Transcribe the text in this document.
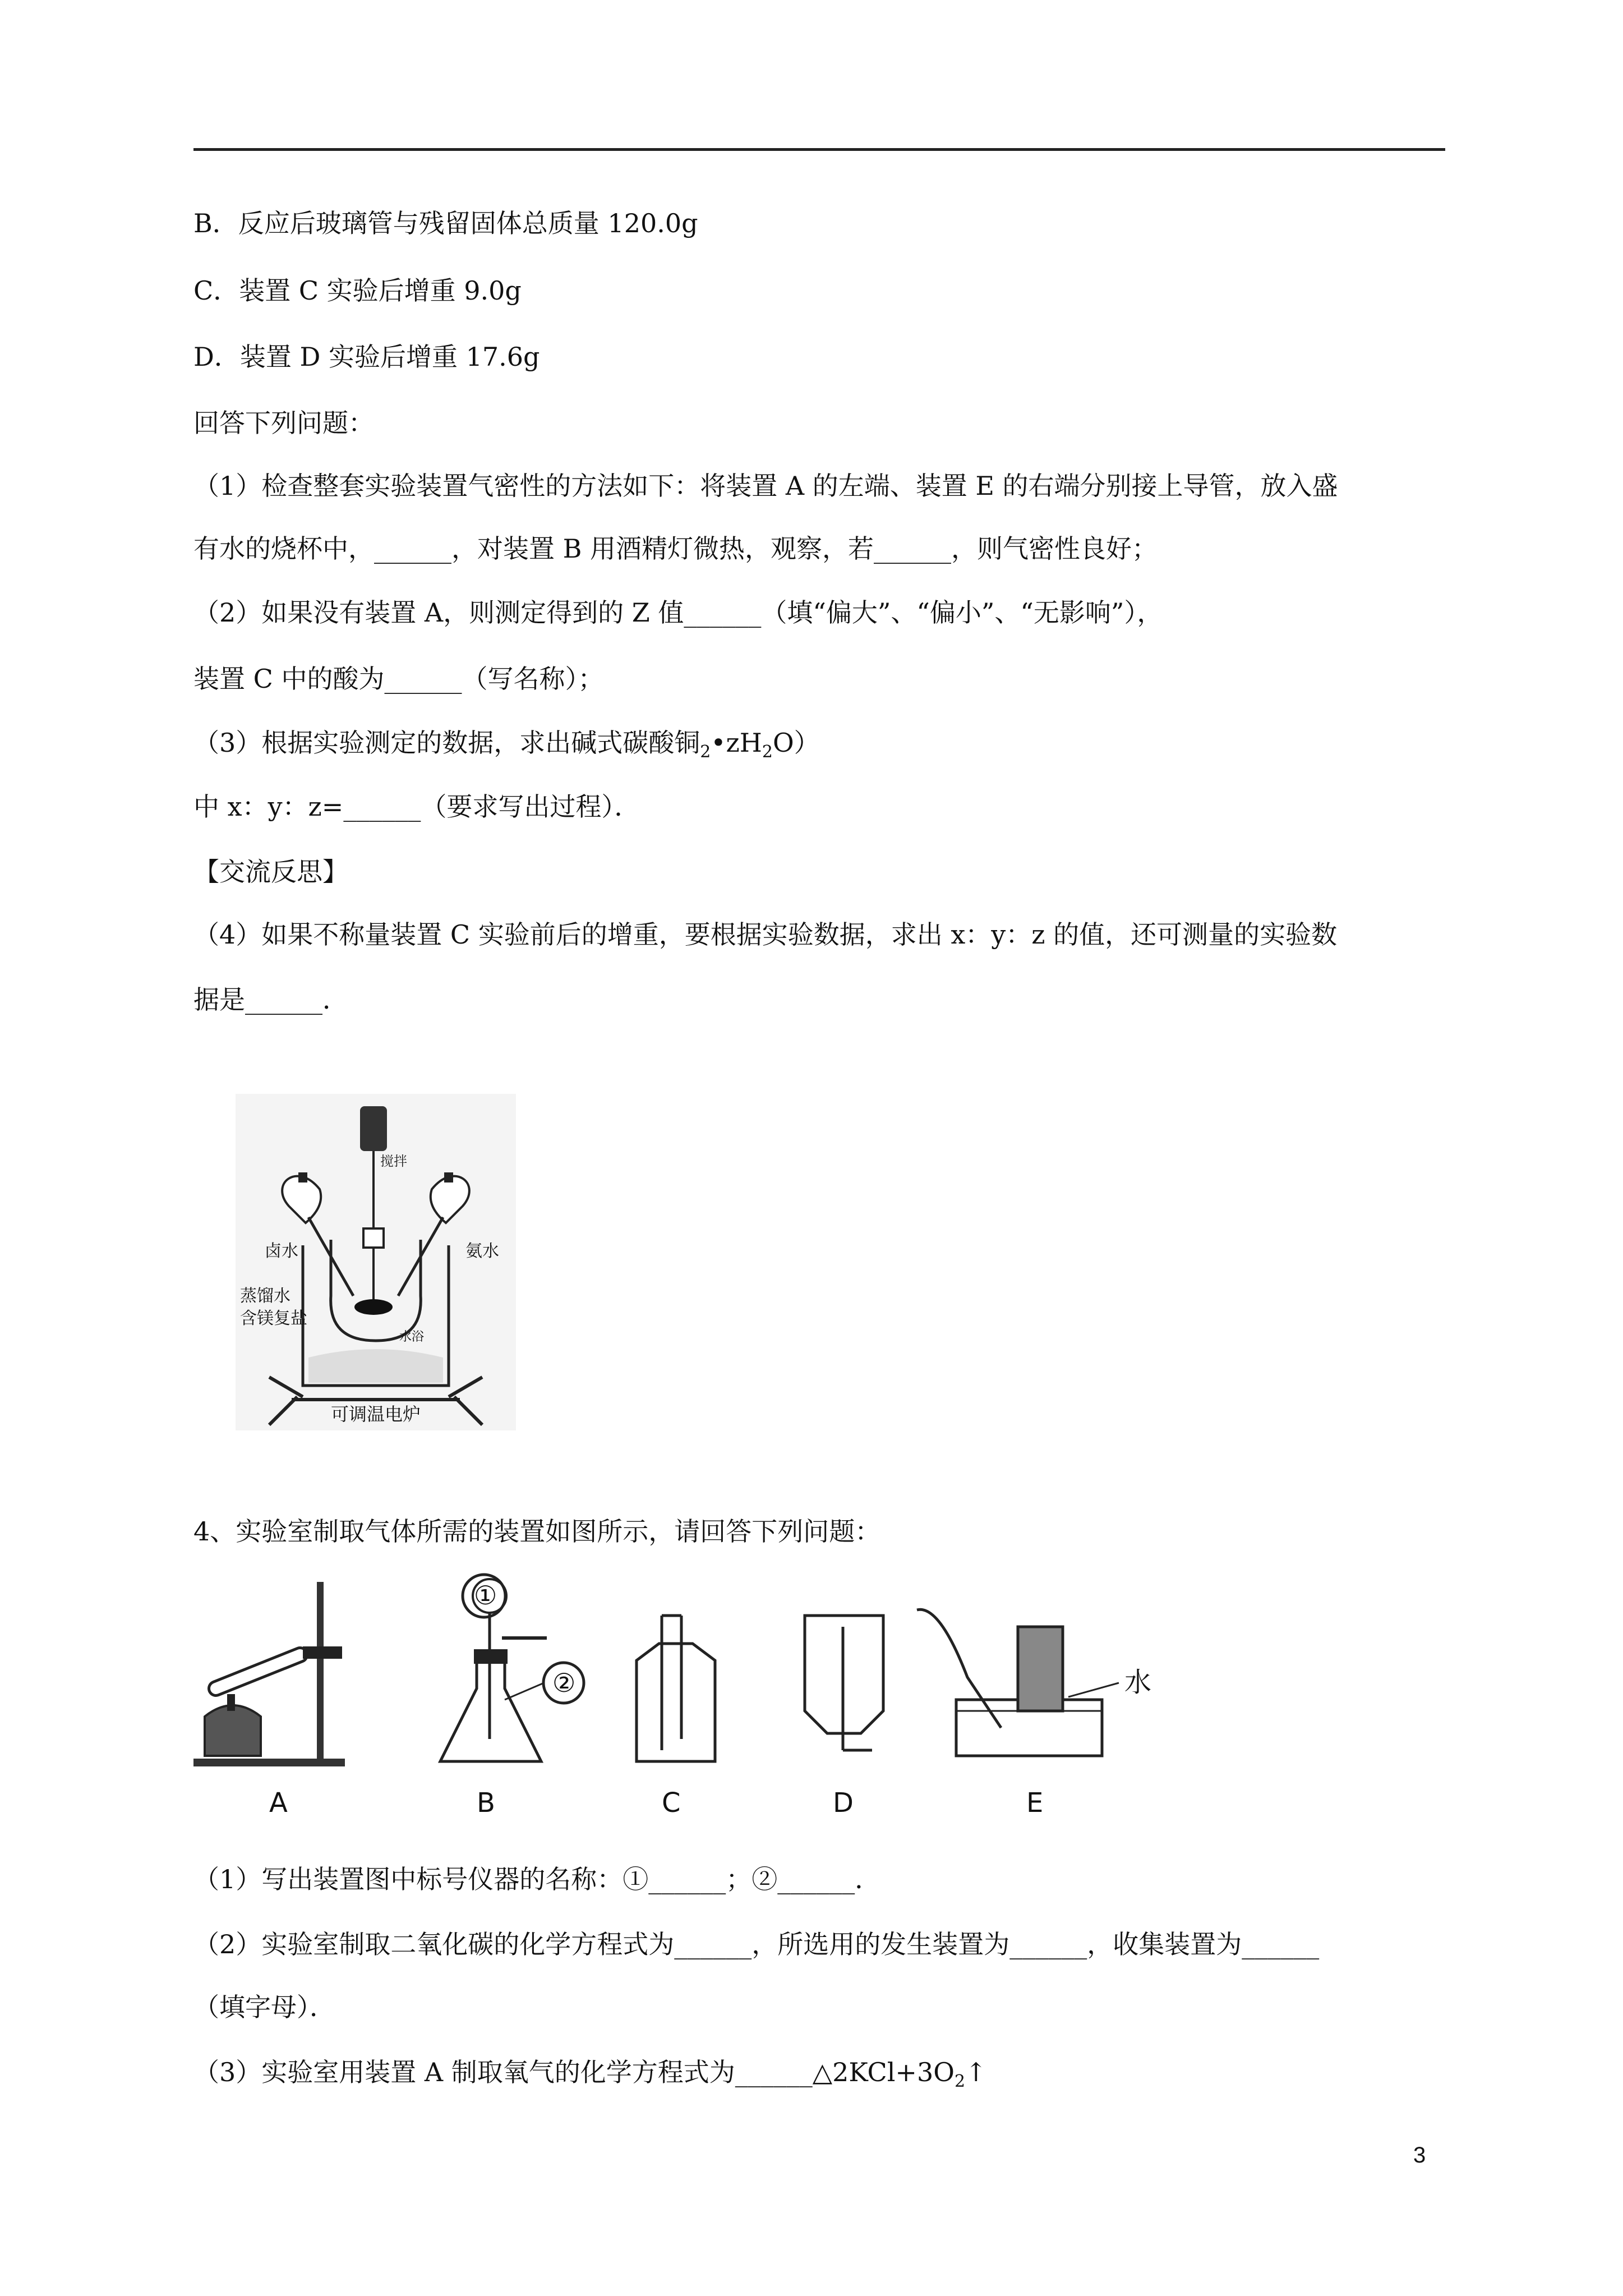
B．反应后玻璃管与残留固体总质量 120.0g
C．装置 C 实验后增重 9.0g
D．装置 D 实验后增重 17.6g
回答下列问题：
（1）检查整套实验装置气密性的方法如下：将装置 A 的左端、装置 E 的右端分别接上导管，放入盛
有水的烧杯中，______，对装置 B 用酒精灯微热，观察，若______，则气密性良好；
（2）如果没有装置 A，则测定得到的 Z 值______（填“偏大”、“偏小”、“无影响”），
装置 C 中的酸为______（写名称）；
（3）根据实验测定的数据，求出碱式碳酸铜$_2•zH_2O$）
中 x：y：z=______（要求写出过程）．
【交流反思】
（4）如果不称量装置 C 实验前后的增重，要根据实验数据，求出 x：y：z 的值，还可测量的实验数
据是______．
搅拌
卤水	氨水
蒸馏水
含镁复盐
水浴
可调温电炉
4、实验室制取气体所需的装置如图所示，请回答下列问题：
①
②	水
A	B	C	D	E
（1）写出装置图中标号仪器的名称：①______；②______．
（2）实验室制取二氧化碳的化学方程式为______，所选用的发生装置为______，收集装置为______
（填字母）．
（3）实验室用装置 A 制取氧气的化学方程式为$\_\_\_\_\_\_\triangle 2KCl+3O_2↑$
3
